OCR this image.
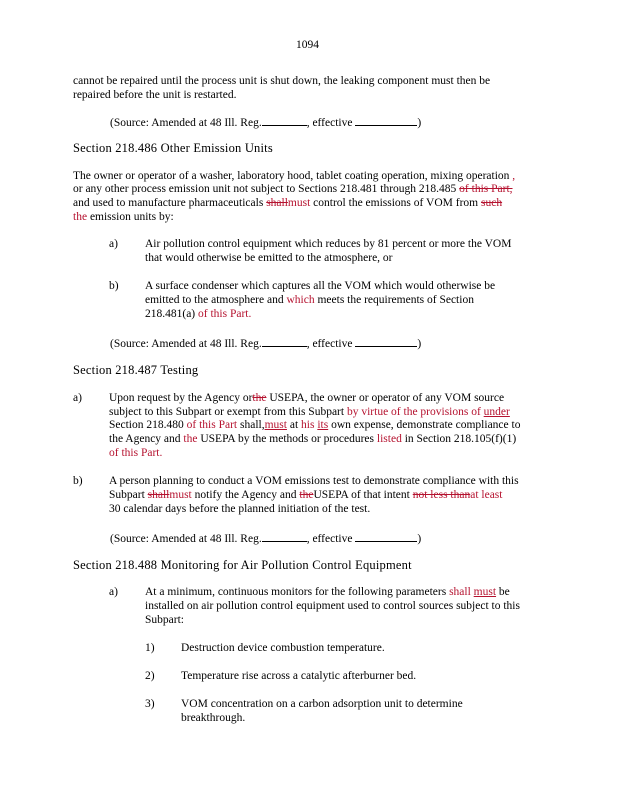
1094
cannot be repaired until the process unit is shut down, the leaking component must then be
repaired before the unit is restarted.
(Source: Amended at 48 Ill. Reg.	, effective	)
Section 218.486 Other Emission Units
The owner or operator of a washer, laboratory hood, tablet coating operation, mixing operation ,
or any other process emission unit not subject to Sections 218.481 through 218.485 of this Part,
and used to manufacture pharmaceuticals shallmust control the emissions of VOM from such
the emission units by:
a) Air pollution control equipment which reduces by 81 percent or more the VOM
that would otherwise be emitted to the atmosphere, or
b) A surface condenser which captures all the VOM which would otherwise be
emitted to the atmosphere and which meets the requirements of Section
218.481(a) of this Part.
(Source: Amended at 48 Ill. Reg.	, effective	)
Section 218.487 Testing
a) Upon request by the Agency orthe USEPA, the owner or operator of any VOM source
subject to this Subpart or exempt from this Subpart by virtue of the provisions of under
Section 218.480 of this Part shall,must at his its own expense, demonstrate compliance to
the Agency and the USEPA by the methods or procedures listed in Section 218.105(f)(1)
of this Part.
b) A person planning to conduct a VOM emissions test to demonstrate compliance with this
Subpart shallmust notify the Agency and theUSEPA of that intent not less thanat least
30 calendar days before the planned initiation of the test.
(Source: Amended at 48 Ill. Reg.	, effective	)
Section 218.488 Monitoring for Air Pollution Control Equipment
a) At a minimum, continuous monitors for the following parameters shall must be
installed on air pollution control equipment used to control sources subject to this
Subpart:
1) Destruction device combustion temperature.
2) Temperature rise across a catalytic afterburner bed.
3) VOM concentration on a carbon adsorption unit to determine
breakthrough.
